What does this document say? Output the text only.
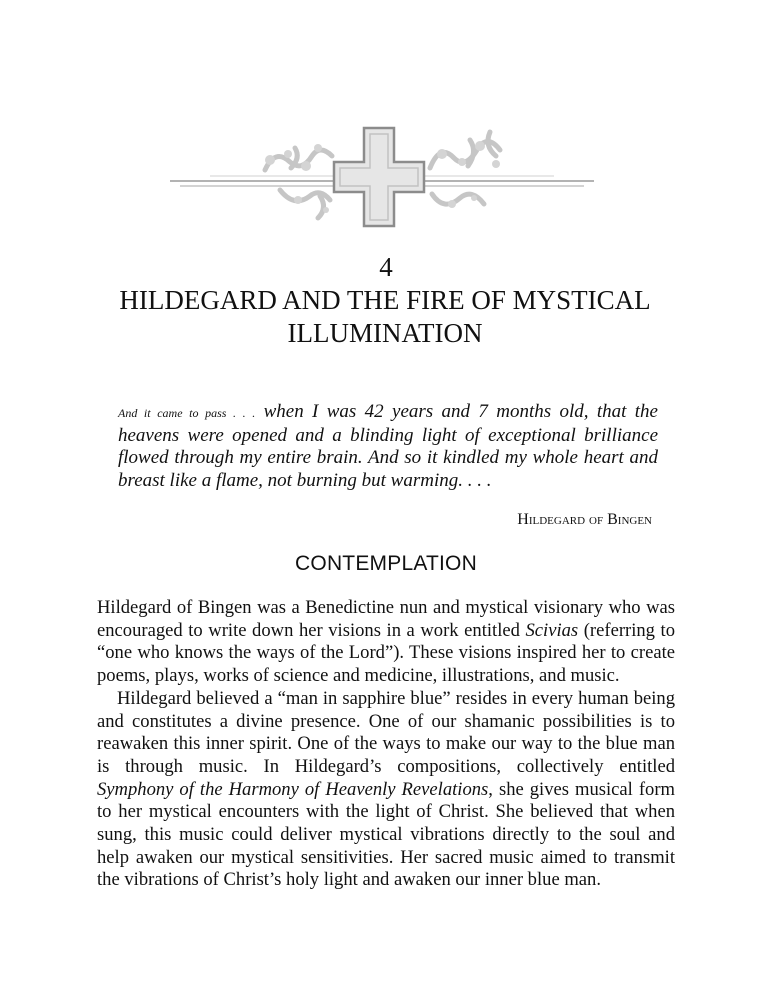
4
HILDEGARD AND THE FIRE OF MYSTICAL ILLUMINATION

And it came to pass . . . when I was 42 years and 7 months old, that the heavens were opened and a blinding light of exceptional brilliance flowed through my entire brain. And so it kindled my whole heart and breast like a flame, not burning but warming. . . .

Hildegard of Bingen

CONTEMPLATION

Hildegard of Bingen was a Benedictine nun and mystical visionary who was encouraged to write down her visions in a work entitled Scivias (referring to “one who knows the ways of the Lord”). These visions inspired her to create poems, plays, works of science and medicine, illustrations, and music.

Hildegard believed a “man in sapphire blue” resides in every human being and constitutes a divine presence. One of our shamanic possibilities is to reawaken this inner spirit. One of the ways to make our way to the blue man is through music. In Hildegard’s compositions, collectively entitled Symphony of the Harmony of Heavenly Revelations, she gives musical form to her mystical encounters with the light of Christ. She believed that when sung, this music could deliver mystical vibrations directly to the soul and help awaken our mystical sensitivities. Her sacred music aimed to transmit the vibrations of Christ’s holy light and awaken our inner blue man.
